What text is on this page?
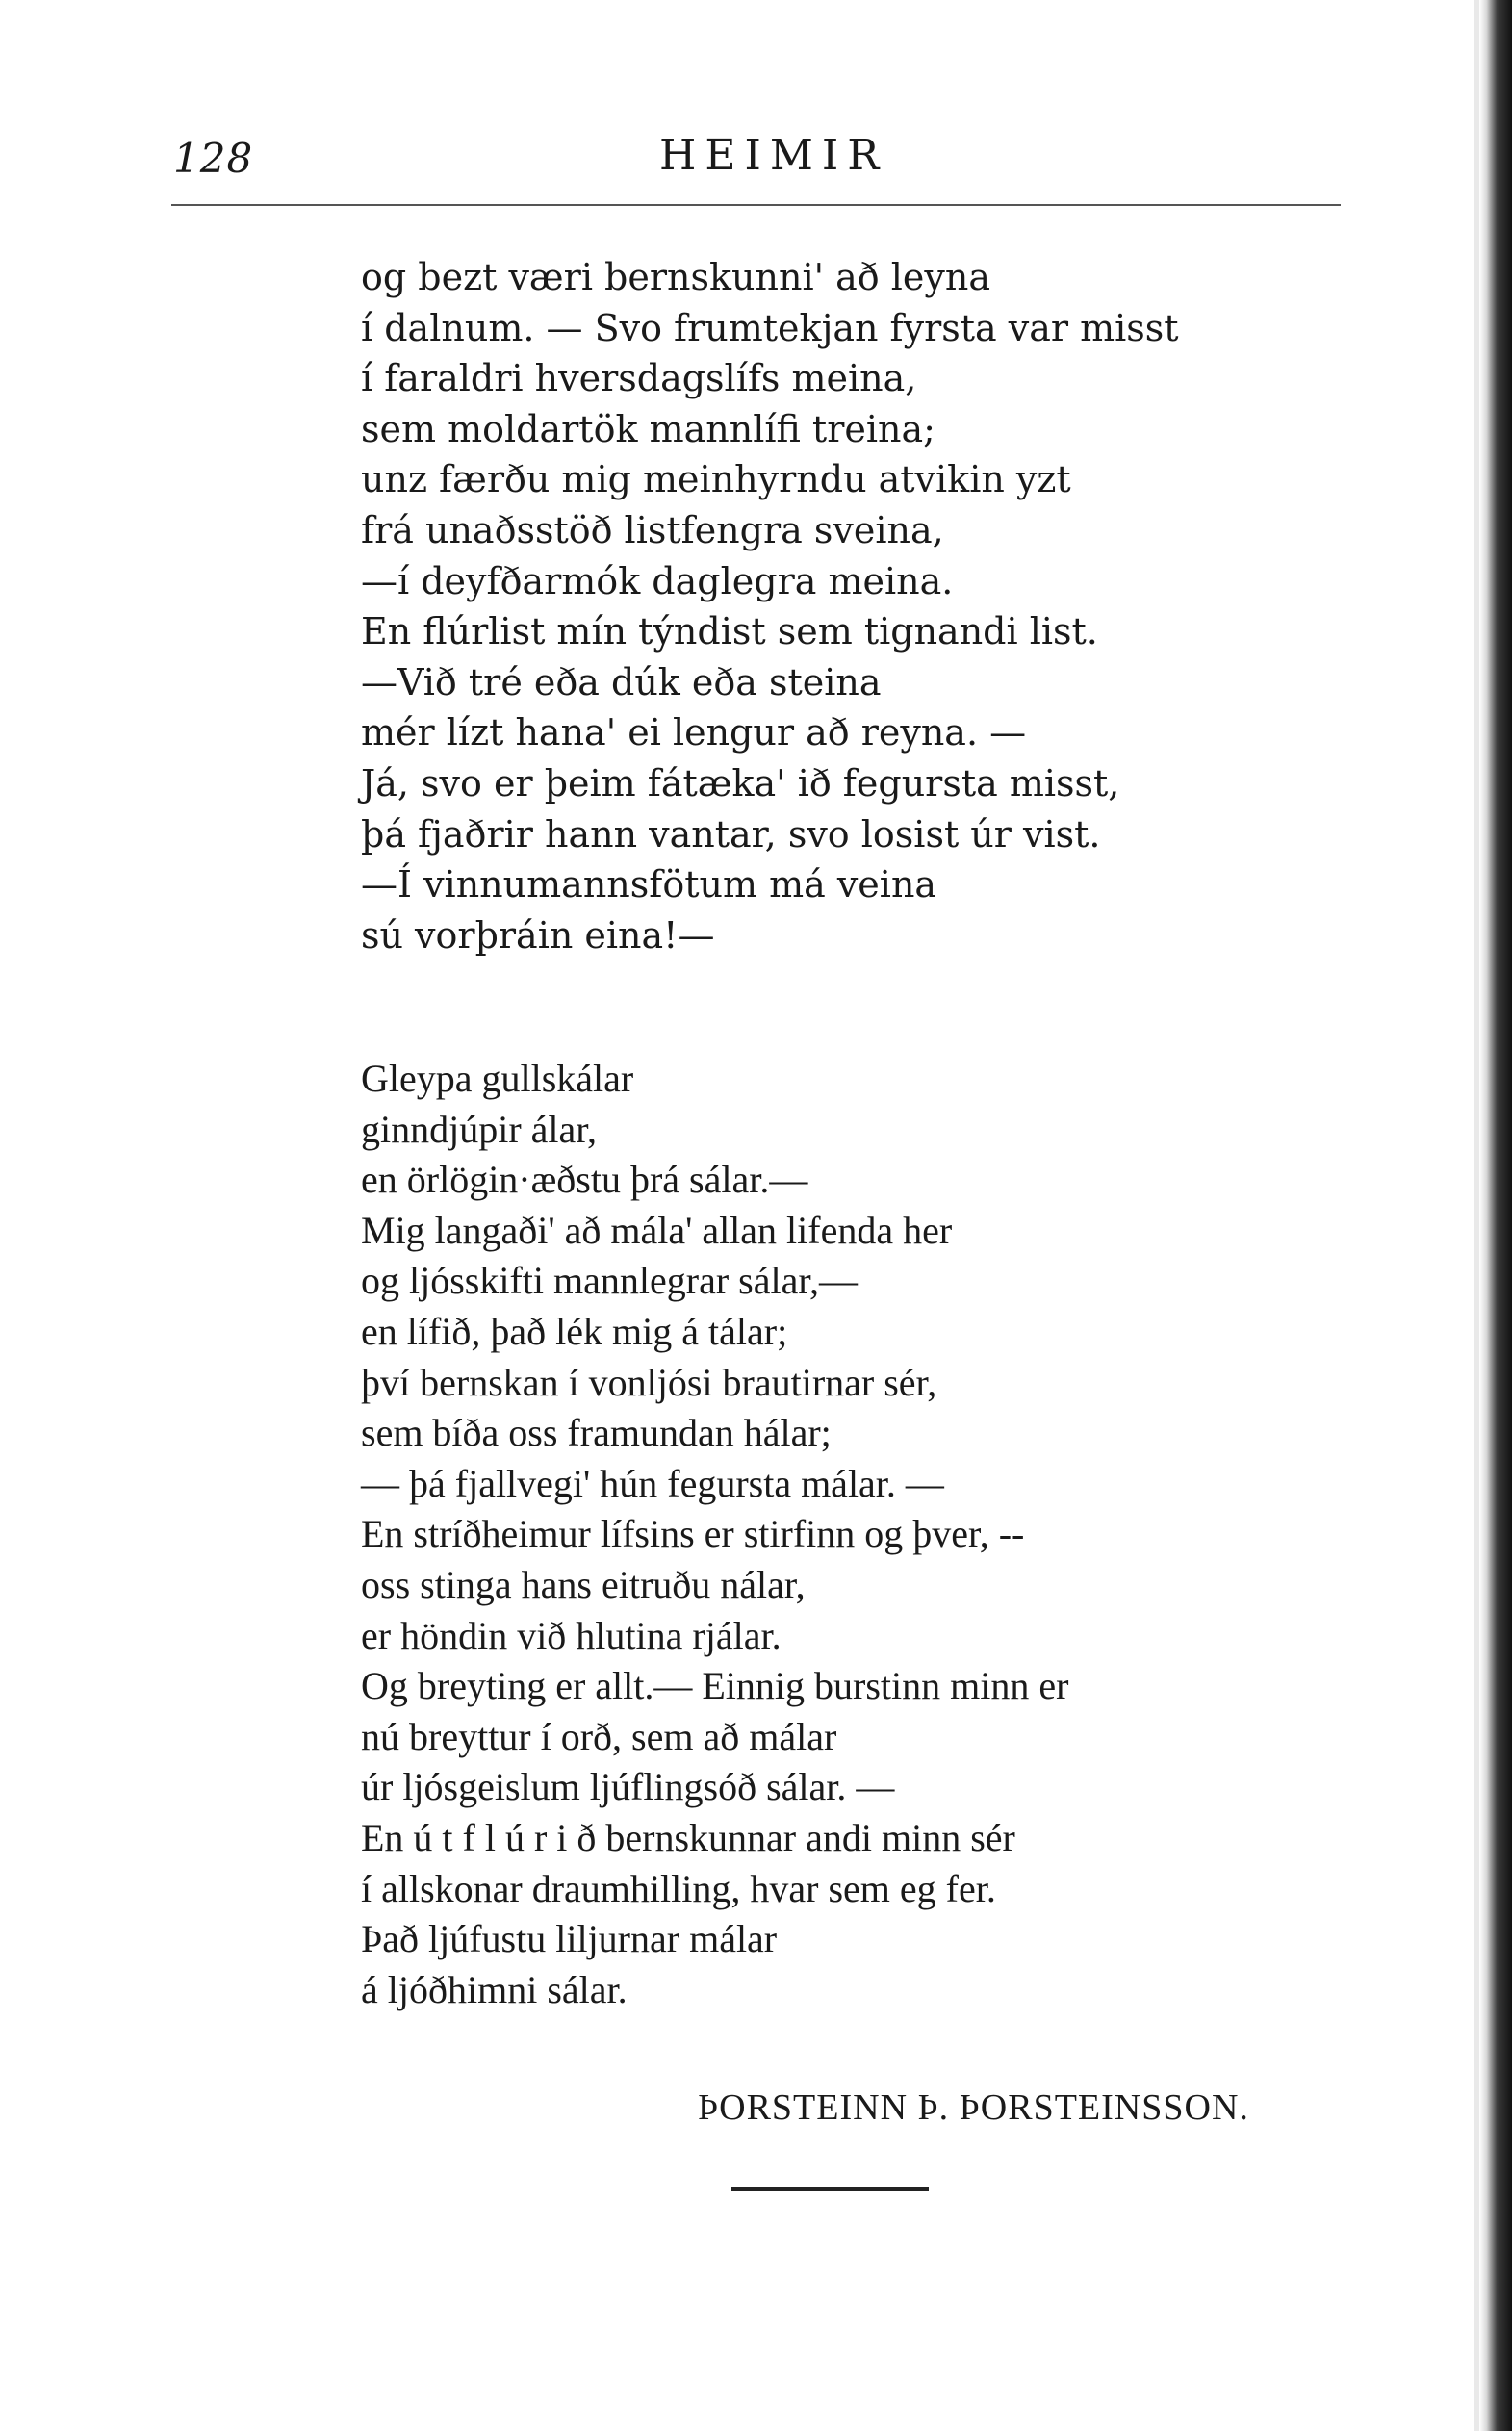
128	HEIMIR
og bezt væri bernskunni' að leyna
í dalnum. — Svo frumtekjan fyrsta var misst
í faraldri hversdagslífs meina,
sem moldartök mannlífi treina;
unz færðu mig meinhyrndu atvikin yzt
frá unaðsstöð listfengra sveina,
—í deyfðarmók daglegra meina.
En flúrlist mín týndist sem tignandi list.
—Við tré eða dúk eða steina
mér lízt hana' ei lengur að reyna. —
Já, svo er þeim fátæka' ið fegursta misst,
þá fjaðrir hann vantar, svo losist úr vist.
—Í vinnumannsfötum má veina
sú vorþráin eina!—
Gleypa gullskálar
ginndjúpir álar,
en örlögin·æðstu þrá sálar.—
Mig langaði' að mála' allan lifenda her
og ljósskifti mannlegrar sálar,—
en lífið, það lék mig á tálar;
því bernskan í vonljósi brautirnar sér,
sem bíða oss framundan hálar;
— þá fjallvegi' hún fegursta málar. —
En stríðheimur lífsins er stirfinn og þver, --
oss stinga hans eitruðu nálar,
er höndin við hlutina rjálar.
Og breyting er allt.— Einnig burstinn minn er
nú breyttur í orð, sem að málar
úr ljósgeislum ljúflingsóð sálar. —
En ú t f l ú r i ð bernskunnar andi minn sér
í allskonar draumhilling, hvar sem eg fer.
Það ljúfustu liljurnar málar
á ljóðhimni sálar.
ÞORSTEINN Þ. ÞORSTEINSSON.
